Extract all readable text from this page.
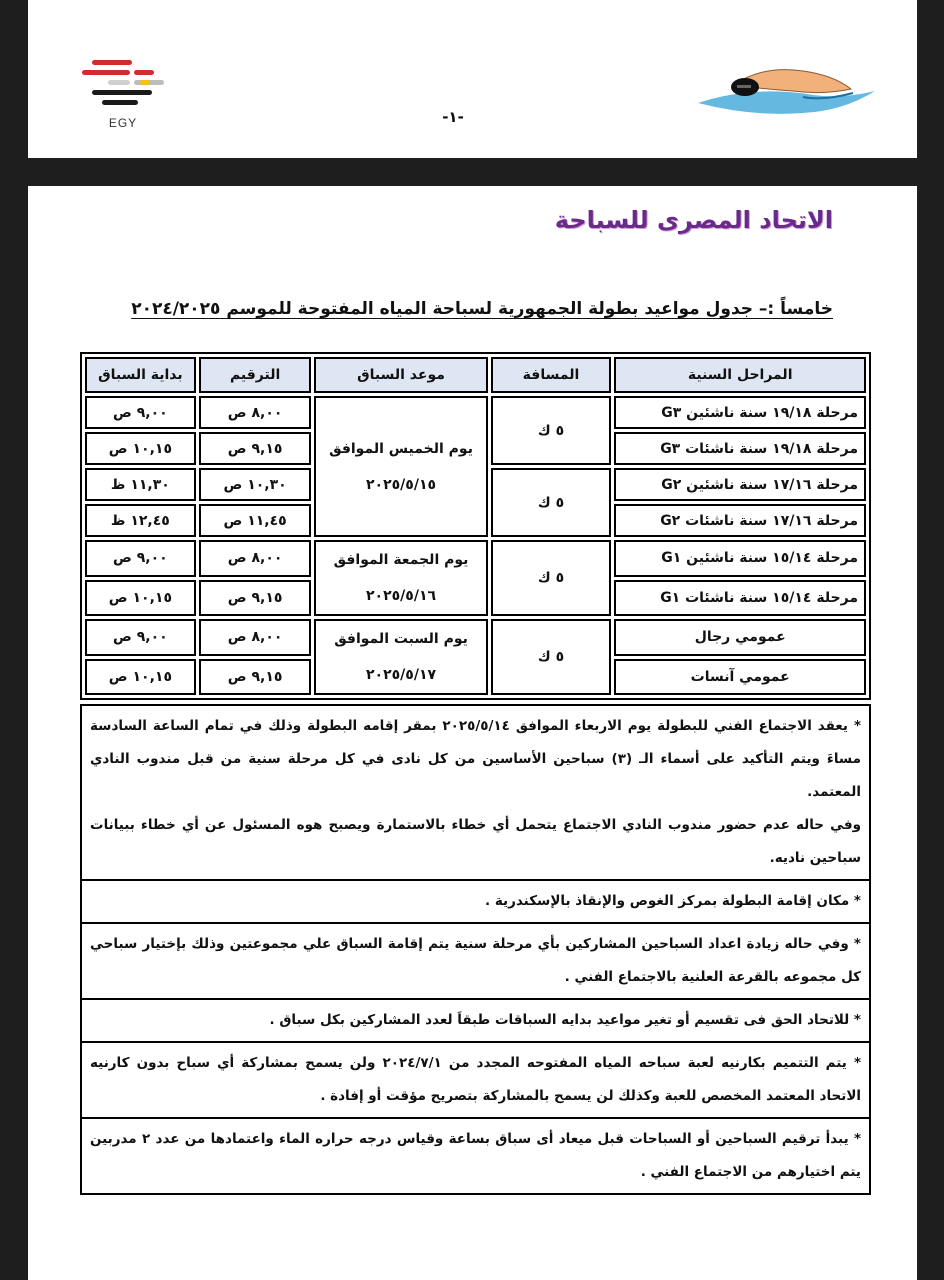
EGY	-١-
الاتحاد المصرى للسباحة
خامساً :– جدول مواعيد بطولة الجمهورية لسباحة المياه المفتوحة للموسم ٢٠٢٤/٢٠٢٥
المراحل السنية	المسافة	موعد السباق	الترقيم	بداية السباق
مرحلة ١٩/١٨ سنة ناشئين G٣	٥ ك	يوم الخميس الموافق
٢٠٢٥/٥/١٥	٨,٠٠ ص	٩,٠٠ ص
مرحلة ١٩/١٨ سنة ناشئات G٣			٩,١٥ ص	١٠,١٥ ص
مرحلة ١٧/١٦ سنة ناشئين G٢	٥ ك		١٠,٣٠ ص	١١,٣٠ ظ
مرحلة ١٧/١٦ سنة ناشئات G٢			١١,٤٥ ص	١٢,٤٥ ظ
مرحلة ١٥/١٤ سنة ناشئين G١	٥ ك	يوم الجمعة الموافق
٢٠٢٥/٥/١٦	٨,٠٠ ص	٩,٠٠ ص
مرحلة ١٥/١٤ سنة ناشئات G١			٩,١٥ ص	١٠,١٥ ص
عمومي رجال	٥ ك	يوم السبت الموافق
٢٠٢٥/٥/١٧	٨,٠٠ ص	٩,٠٠ ص
عمومي آنسات			٩,١٥ ص	١٠,١٥ ص

* يعقد الاجتماع الفني للبطولة يوم الاربعاء الموافق ٢٠٢٥/٥/١٤ بمقر إقامه البطولة وذلك في تمام الساعة السادسة مساءَ ويتم التأكيد على أسماء الـ (٣) سباحين الأساسين من كل نادى في كل مرحلة سنية من قبل مندوب النادي المعتمد.

وفي حاله عدم حضور مندوب النادي الاجتماع يتحمل أي خطاء بالاستمارة ويصبح هوه المسئول عن أي خطاء ببيانات سباحين ناديه.

* مكان إقامة البطولة بمركز الغوص والإنقاذ بالإسكندرية .

* وفي حاله زيادة اعداد السباحين المشاركين بأي مرحلة سنية يتم إقامة السباق علي مجموعتين وذلك بإختيار سباحي كل مجموعه بالقرعة العلنية بالاجتماع الفني .

* للاتحاد الحق فى تقسيم أو تغير مواعيد بدايه السباقات طبقاَ لعدد المشاركين بكل سباق .

* يتم التتميم بكارنيه لعبة سباحه المياه المفتوحه المجدد من ٢٠٢٤/٧/١ ولن يسمح بمشاركة أي سباح بدون كارنيه الاتحاد المعتمد المخصص للعبة وكذلك لن يسمح بالمشاركة بتصريح مؤقت أو إفادة .

* يبدأ ترقيم السباحين أو السباحات قبل ميعاد أى سباق بساعة وقياس درجه حراره الماء واعتمادها من عدد ٢ مدربين يتم اختيارهم من الاجتماع الفني .
